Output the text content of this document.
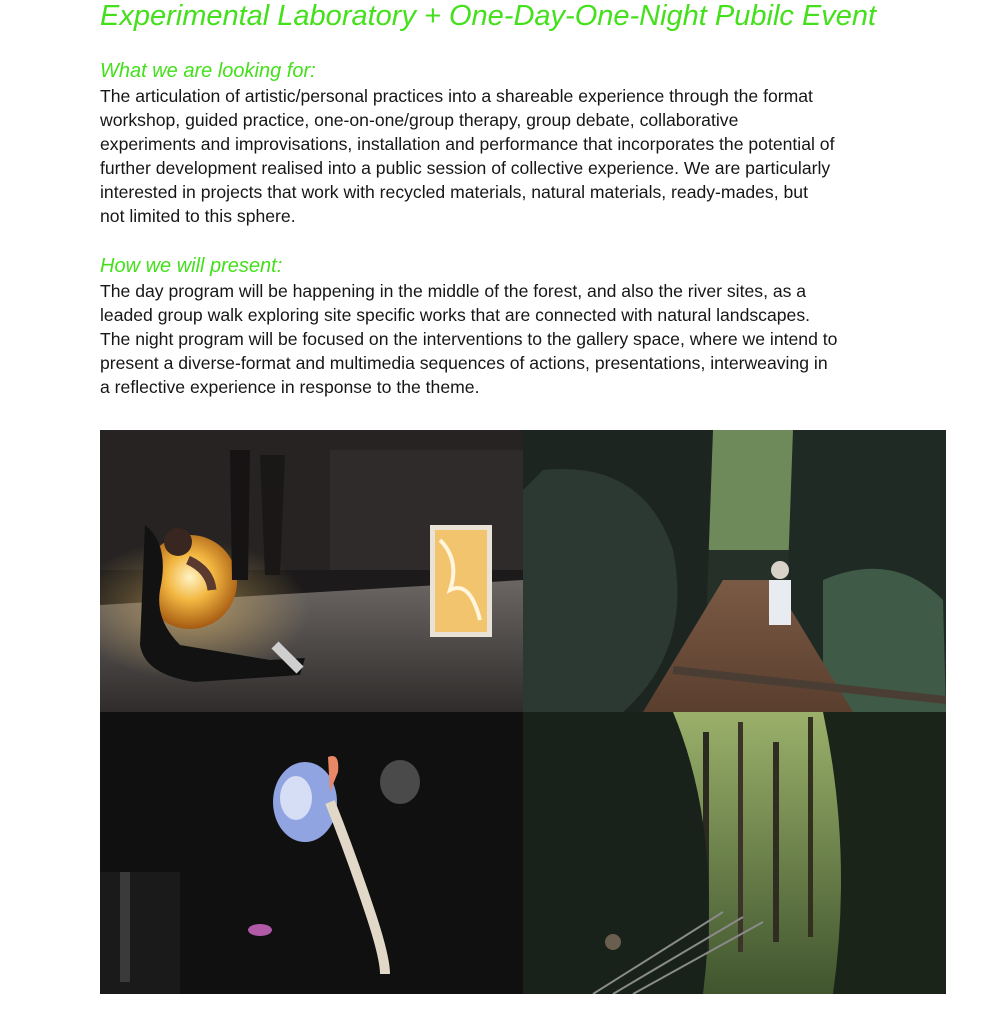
Experimental Laboratory + One-Day-One-Night Pubilc Event
What we are looking for:
The articulation of artistic/personal practices into a shareable experience through the format
workshop, guided practice, one-on-one/group therapy, group debate, collaborative
experiments and improvisations, installation and performance that incorporates the potential of
further development realised into a public session of collective experience. We are particularly
interested in projects that work with recycled materials, natural materials, ready-mades, but
not limited to this sphere.
How we will present:
The day program will be happening in the middle of the forest, and also the river sites, as a
leaded group walk exploring site specific works that are connected with natural landscapes.
The night program will be focused on the interventions to the gallery space, where we intend to
present a diverse-format and multimedia sequences of actions, presentations, interweaving in
a reflective experience in response to the theme.
